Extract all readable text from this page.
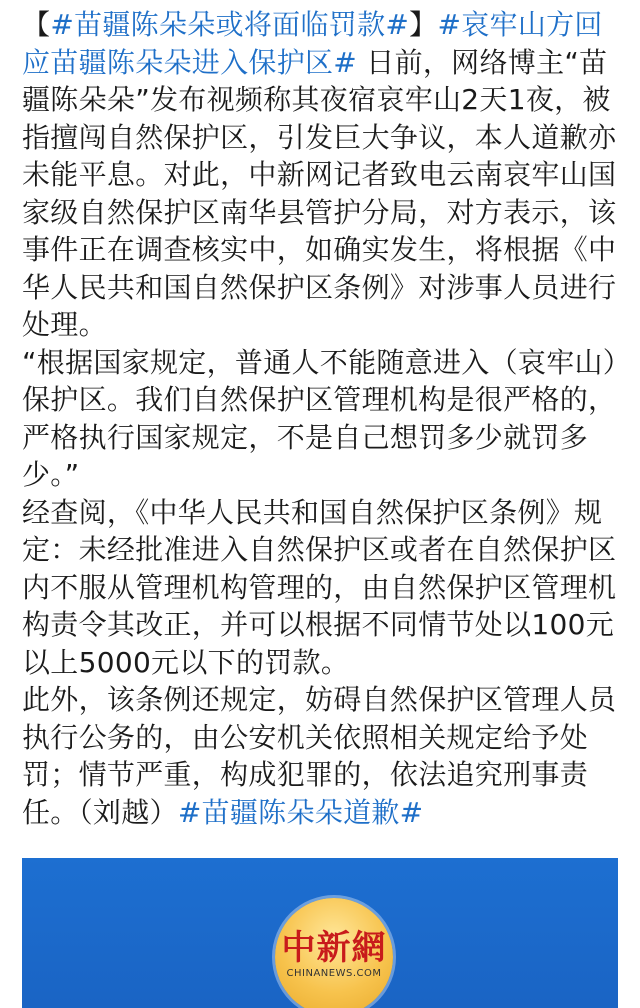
【#苗疆陈朵朵或将面临罚款#】#哀牢山方回应苗疆陈朵朵进入保护区# 日前，网络博主“苗疆陈朵朵”发布视频称其夜宿哀牢山2天1夜，被指擅闯自然保护区，引发巨大争议，本人道歉亦未能平息。对此，中新网记者致电云南哀牢山国家级自然保护区南华县管护分局，对方表示，该事件正在调查核实中，如确实发生，将根据《中华人民共和国自然保护区条例》对涉事人员进行处理。

“根据国家规定，普通人不能随意进入（哀牢山）保护区。我们自然保护区管理机构是很严格的，严格执行国家规定，不是自己想罚多少就罚多少。”

经查阅，《中华人民共和国自然保护区条例》规定：未经批准进入自然保护区或者在自然保护区内不服从管理机构管理的，由自然保护区管理机构责令其改正，并可以根据不同情节处以100元以上5000元以下的罚款。

此外，该条例还规定，妨碍自然保护区管理人员执行公务的，由公安机关依照相关规定给予处罚；情节严重，构成犯罪的，依法追究刑事责任。（刘越）#苗疆陈朵朵道歉#

中新網
CHINANEWS.COM
